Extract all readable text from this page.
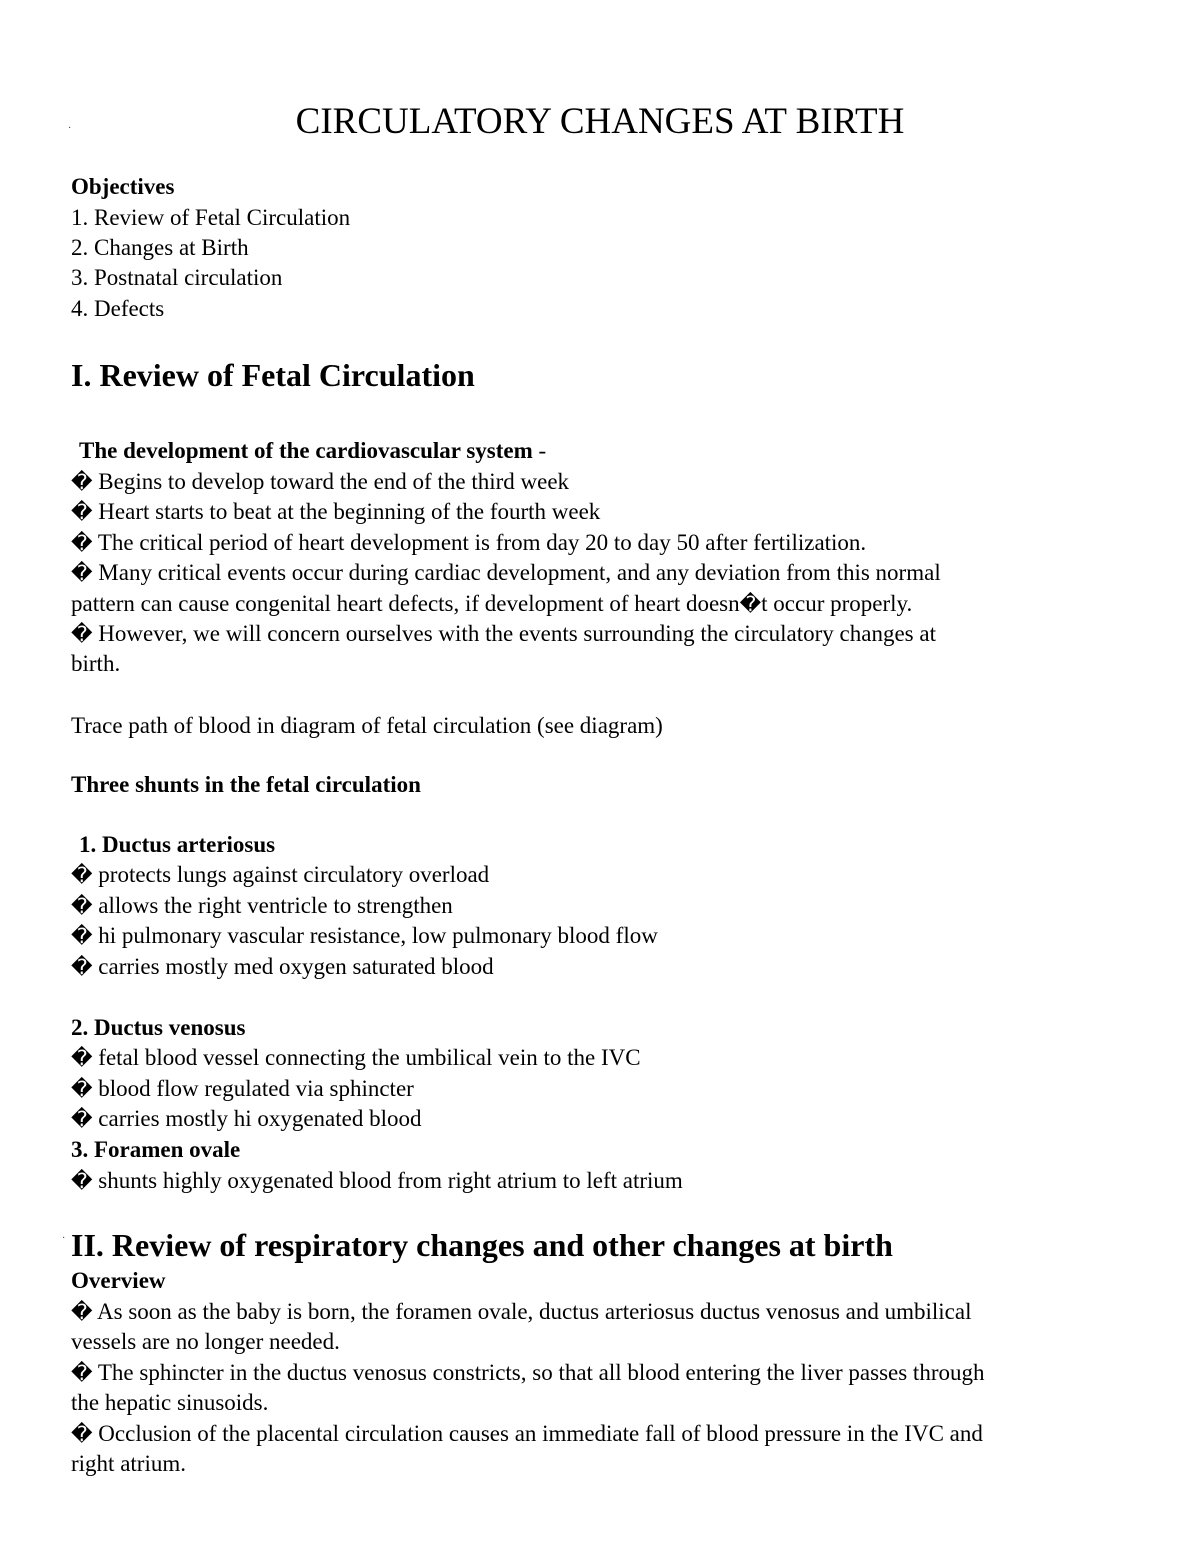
·	CIRCULATORY CHANGES AT BIRTH
Objectives
1. Review of Fetal Circulation
2. Changes at Birth
3. Postnatal circulation
4. Defects
I. Review of Fetal Circulation
The development of the cardiovascular system -
� Begins to develop toward the end of the third week
� Heart starts to beat at the beginning of the fourth week
� The critical period of heart development is from day 20 to day 50 after fertilization.
� Many critical events occur during cardiac development, and any deviation from this normal
pattern can cause congenital heart defects, if development of heart doesn�t occur properly.
� However, we will concern ourselves with the events surrounding the circulatory changes at
birth.
Trace path of blood in diagram of fetal circulation (see diagram)
Three shunts in the fetal circulation
1. Ductus arteriosus
� protects lungs against circulatory overload
� allows the right ventricle to strengthen
� hi pulmonary vascular resistance, low pulmonary blood flow
� carries mostly med oxygen saturated blood
2. Ductus venosus
� fetal blood vessel connecting the umbilical vein to the IVC
� blood flow regulated via sphincter
� carries mostly hi oxygenated blood
3. Foramen ovale
� shunts highly oxygenated blood from right atrium to left atrium
· II. Review of respiratory changes and other changes at birth
Overview
� As soon as the baby is born, the foramen ovale, ductus arteriosus ductus venosus and umbilical
vessels are no longer needed.
� The sphincter in the ductus venosus constricts, so that all blood entering the liver passes through
the hepatic sinusoids.
� Occlusion of the placental circulation causes an immediate fall of blood pressure in the IVC and
right atrium.
